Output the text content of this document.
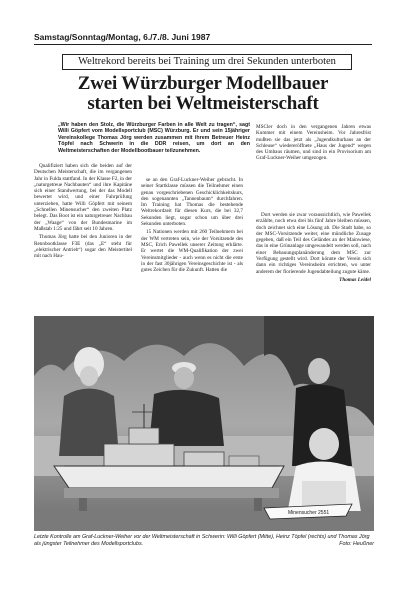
Samstag/Sonntag/Montag, 6./7./8. Juni 1987
Weltrekord bereits bei Training um drei Sekunden unterboten
Zwei Würzburger Modellbauer
starten bei Weltmeisterschaft
„Wir haben den Stolz, die Würzburger Farben in alle Welt zu tragen“, sagt Willi Göpfert vom Modellsportclub (MSC) Würzburg. Er und sein 15jähriger Vereinskollege Thomas Jörg werden zusammen mit ihrem Betreuer Heinz Töpfel nach Schwerin in die DDR reisen, um dort an den Weltmeisterschaften der Modellbootbauer teilzunehmen.

Qualifiziert haben sich die beiden auf der Deutschen Meisterschaft, die im vergangenen Jahr in Fulda stattfand. In der Klasse F2, in der „naturgetreue Nachbauten“ und ihre Kapitäne sich einer Standwertung, bei der das Modell bewertet wird, und einer Fahrprüfung unterziehen, hatte Willi Göpfert mit seinem „Schnellen Minensucher“ den zweiten Platz belegt. Das Boot ist ein naturgetreuer Nachbau der „Waage“ von der Bundesmarine im Maßstab 1:25 und fährt seit 10 Jahren.

Thomas Jörg hatte bei den Junioren in der Rennbootklasse F3E (das „E“ steht für „elektrischer Antrieb“) sogar den Meistertitel mit nach Hau-

se an den Graf-Luckner-Weiher gebracht. In seiner Startklasse müssen die Teilnehmer einen genau vorgeschriebenen Geschicklichkeitskurs, den sogenannten „Tannenbaum“ durchfahren. Im Training hat Thomas die bestehende Weltrekordzeit für diesen Kurs, die bei 32,7 Sekunden liegt, sogar schon um über drei Sekunden unterboten.

15 Nationen werden mit 260 Teilnehmern bei der WM vertreten sein, wie der Vorsitzende des MSC, Erich Pawellek unserer Zeitung erklärte. Er wertet die WM-Qualifikation der zwei Vereinsmitglieder - auch wenn es nicht die erste in der fast 30jährigen Vereinsgeschichte ist - als gutes Zeichen für die Zukunft. Hatten die

MSCler doch in den vergangenen Jahren etwas Kummer mit einem Vereinsheim. Vor Jahresfrist mußten sie das jetzt als „Jugendkulturhaus an der Schleuse“ wiedereröffnete „Haus der Jugend“ wegen des Umbaus räumen, und sind in ein Provisorium am Graf-Luckner-Weiher umgezogen.

Dort werden sie zwar voraussichtlich, wie Pawellek erzählte, noch etwa drei bis fünf Jahre bleiben müssen, doch zeichnet sich eine Lösung ab. Die Stadt habe, so der MSC-Vorsitzende weiter, eine mündliche Zusage gegeben, daß ein Teil des Geländes an der Mainwiese, das in eine Grünanlage umgewandelt werden soll, nach einer Bebauungsplanänderung dem MSC zur Verfügung gestellt wird. Dort könnte der Verein sich dann ein richtiges Vereinsheim errichten, wo unter anderem der florierende Jugendabteilung zugute käme.

Thomas Leidel
Minensucher 2551
Letzte Kontrolle am Graf-Luckner-Weiher vor der Weltmeisterschaft in Schwerin: Willi Göpfert (Mitte), Heinz Töpfel (rechts) und Thomas Jörg als jüngster Teilnehmer des Modellsportclubs.	Foto: Heußner
